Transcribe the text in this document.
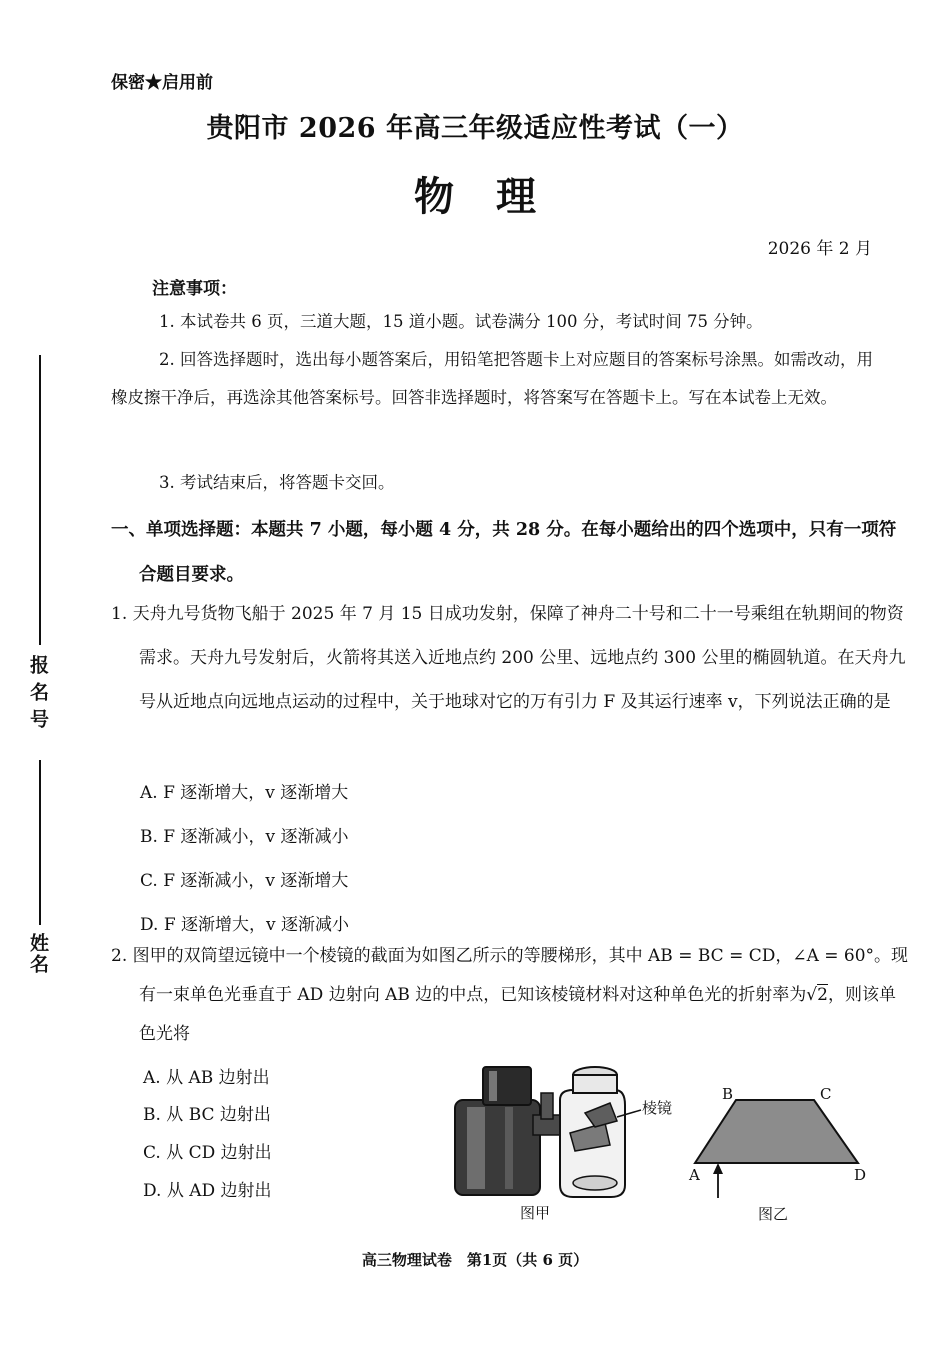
保密★启用前
贵阳市 2026 年高三年级适应性考试（一）
物理
2026 年 2 月
报名号
姓名
注意事项：
1. 本试卷共 6 页，三道大题，15 道小题。试卷满分 100 分，考试时间 75 分钟。
2. 回答选择题时，选出每小题答案后，用铅笔把答题卡上对应题目的答案标号涂黑。如需改动，用橡皮擦干净后，再选涂其他答案标号。回答非选择题时，将答案写在答题卡上。写在本试卷上无效。
3. 考试结束后，将答题卡交回。
一、单项选择题：本题共 7 小题，每小题 4 分，共 28 分。在每小题给出的四个选项中，只有一项符合题目要求。
1. 天舟九号货物飞船于 2025 年 7 月 15 日成功发射，保障了神舟二十号和二十一号乘组在轨期间的物资需求。天舟九号发射后，火箭将其送入近地点约 200 公里、远地点约 300 公里的椭圆轨道。在天舟九号从近地点向远地点运动的过程中，关于地球对它的万有引力 F 及其运行速率 v，下列说法正确的是
A. F 逐渐增大，v 逐渐增大
B. F 逐渐减小，v 逐渐减小
C. F 逐渐减小，v 逐渐增大
D. F 逐渐增大，v 逐渐减小
2. 图甲的双筒望远镜中一个棱镜的截面为如图乙所示的等腰梯形，其中 AB = BC = CD，∠A = 60°。现有一束单色光垂直于 AD 边射向 AB 边的中点，已知该棱镜材料对这种单色光的折射率为√2，则该单色光将
A. 从 AB 边射出
B. 从 BC 边射出
C. 从 CD 边射出
D. 从 AD 边射出
棱镜
图甲
B	C
A	D
图乙
高三物理试卷　第1页（共 6 页）
